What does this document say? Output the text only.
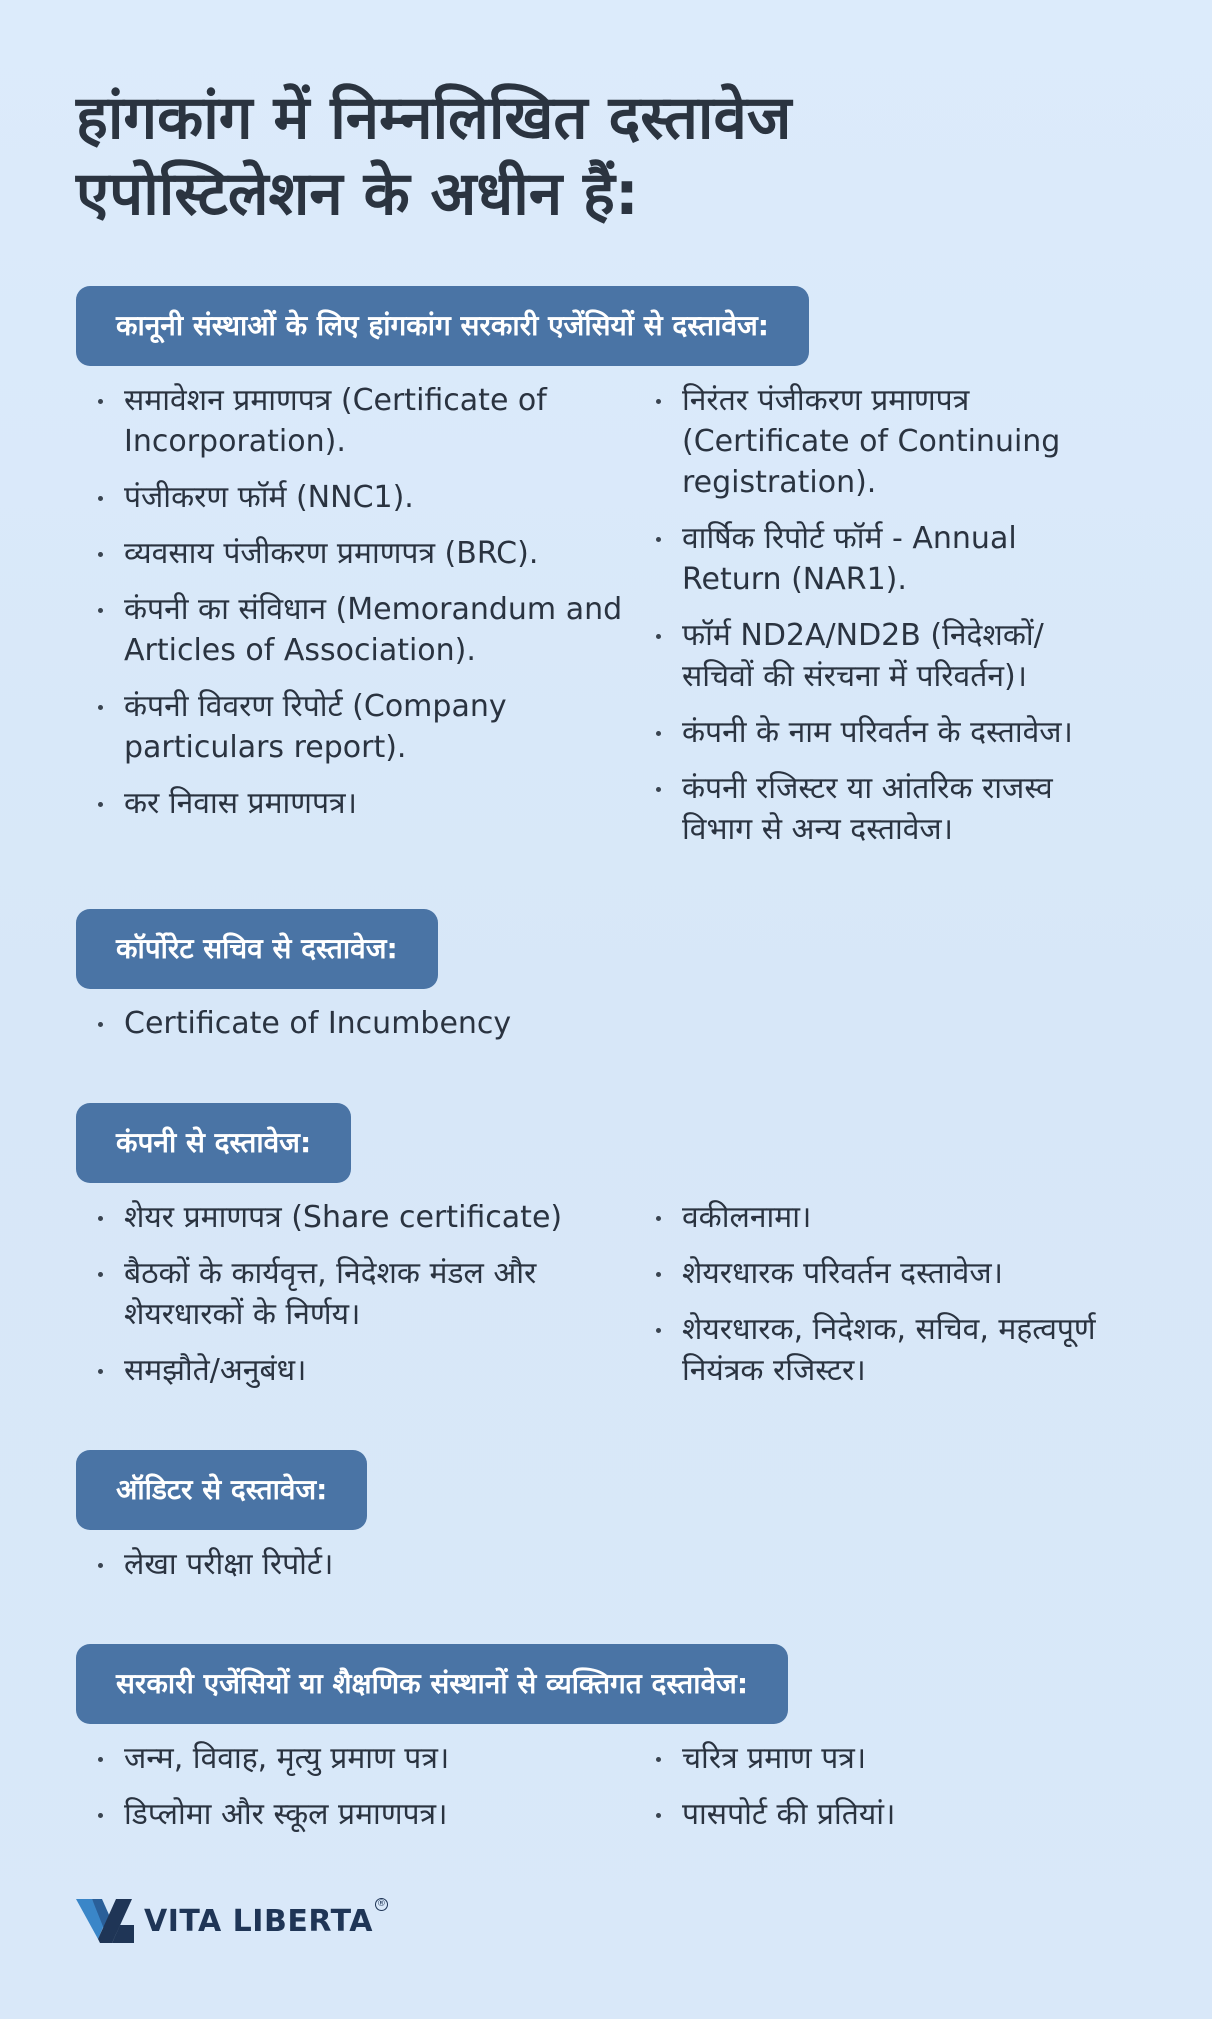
हांगकांग में निम्नलिखित दस्तावेज एपोस्टिलेशन के अधीन हैं:
कानूनी संस्थाओं के लिए हांगकांग सरकारी एजेंसियों से दस्तावेज:
समावेशन प्रमाणपत्र (Certificate of Incorporation).
पंजीकरण फॉर्म (NNC1).
व्यवसाय पंजीकरण प्रमाणपत्र (BRC).
कंपनी का संविधान (Memorandum and Articles of Association).
कंपनी विवरण रिपोर्ट (Company particulars report).
कर निवास प्रमाणपत्र।
निरंतर पंजीकरण प्रमाणपत्र (Certificate of Continuing registration).
वार्षिक रिपोर्ट फॉर्म - Annual Return (NAR1).
फॉर्म ND2A/ND2B (निदेशकों/सचिवों की संरचना में परिवर्तन)।
कंपनी के नाम परिवर्तन के दस्तावेज।
कंपनी रजिस्टर या आंतरिक राजस्व विभाग से अन्य दस्तावेज।
कॉर्पोरेट सचिव से दस्तावेज:
Certificate of Incumbency
कंपनी से दस्तावेज:
शेयर प्रमाणपत्र (Share certificate)
बैठकों के कार्यवृत्त, निदेशक मंडल और शेयरधारकों के निर्णय।
समझौते/अनुबंध।
वकीलनामा।
शेयरधारक परिवर्तन दस्तावेज।
शेयरधारक, निदेशक, सचिव, महत्वपूर्ण नियंत्रक रजिस्टर।
ऑडिटर से दस्तावेज:
लेखा परीक्षा रिपोर्ट।
सरकारी एजेंसियों या शैक्षणिक संस्थानों से व्यक्तिगत दस्तावेज:
जन्म, विवाह, मृत्यु प्रमाण पत्र।
डिप्लोमा और स्कूल प्रमाणपत्र।
चरित्र प्रमाण पत्र।
पासपोर्ट की प्रतियां।
VITA LIBERTA ®
